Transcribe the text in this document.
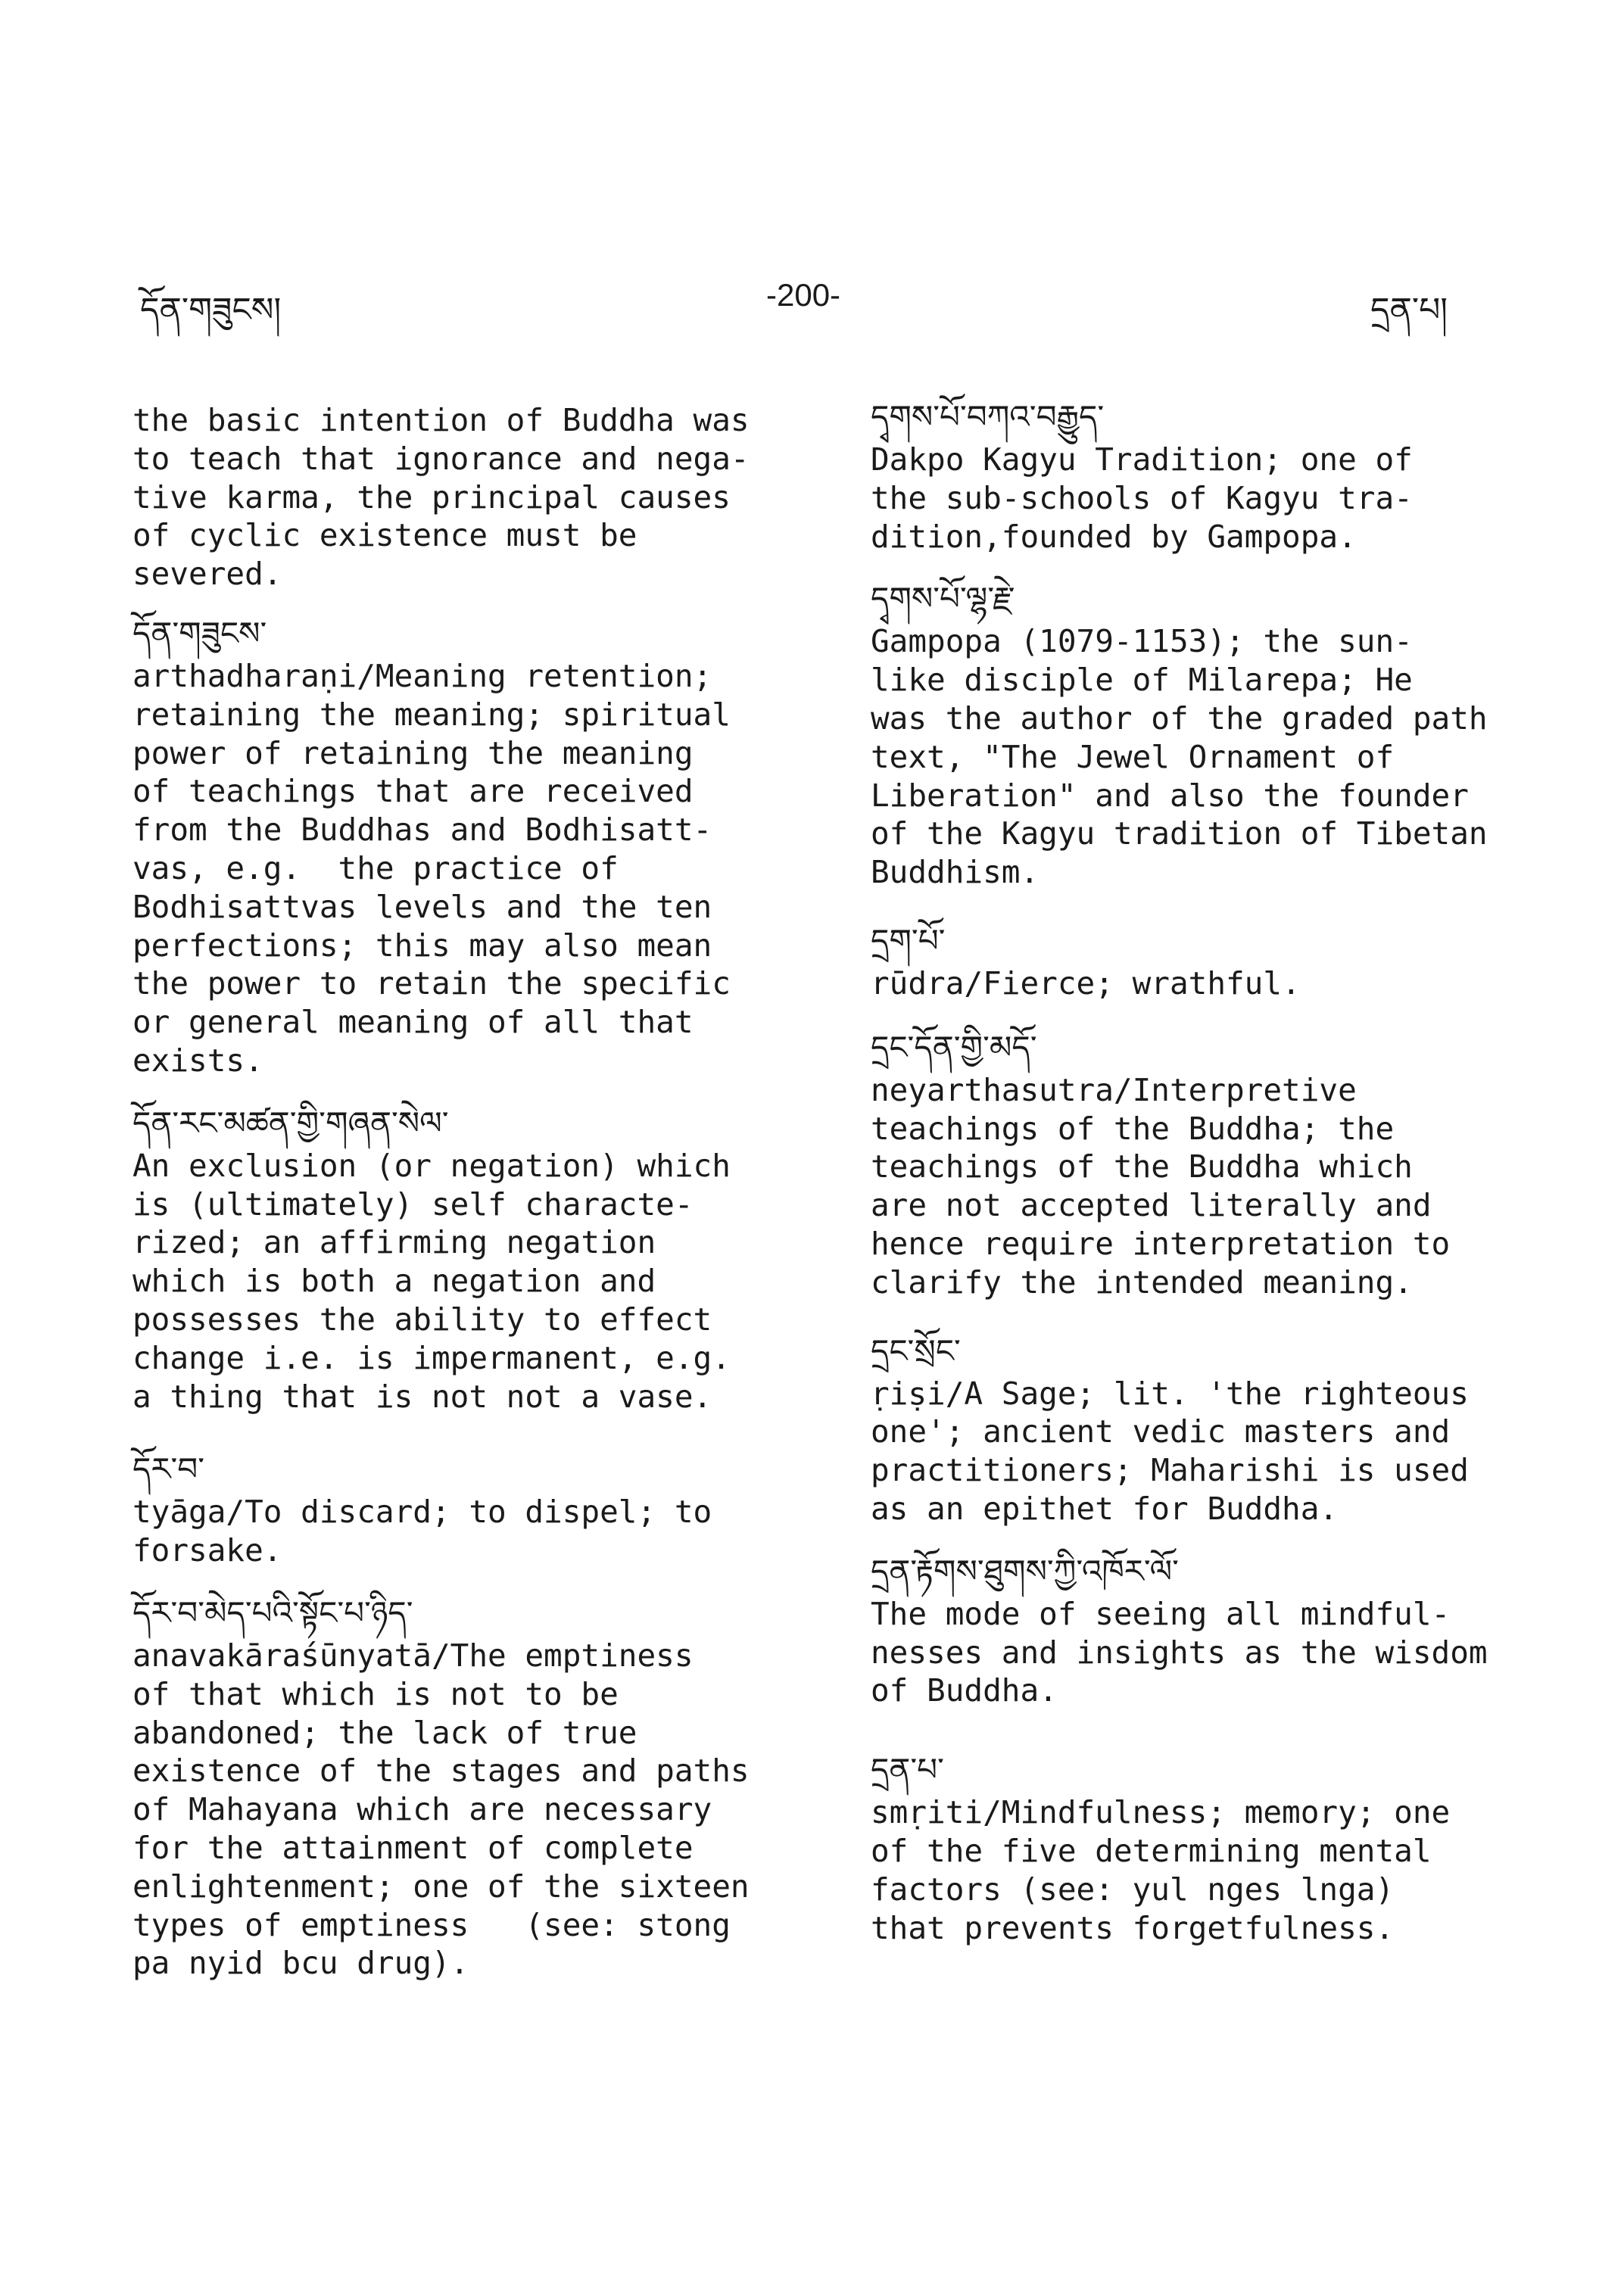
དོན་གཟུངས།	-200-	དྲན་པ།
the basic intention of Buddha was
to teach that ignorance and nega-
tive karma, the principal causes
of cyclic existence must be
severed.
དོན་གཟུངས་
arthadharaṇi/Meaning retention;
retaining the meaning; spiritual
power of retaining the meaning
of teachings that are received
from the Buddhas and Bodhisatt-
vas, e.g.  the practice of
Bodhisattvas levels and the ten
perfections; this may also mean
the power to retain the specific
or general meaning of all that
exists.
དོན་རང་མཚན་གྱི་གཞན་སེལ་
An exclusion (or negation) which
is (ultimately) self characte-
rized; an affirming negation
which is both a negation and
possesses the ability to effect
change i.e. is impermanent, e.g.
a thing that is not not a vase.
དོར་བ་
tyāga/To discard; to dispel; to
forsake.
དོར་བ་མེད་པའི་སྟོང་པ་ཉིད་
anavakāraśūnyatā/The emptiness
of that which is not to be
abandoned; the lack of true
existence of the stages and paths
of Mahayana which are necessary
for the attainment of complete
enlightenment; one of the sixteen
types of emptiness   (see: stong
pa nyid bcu drug).
དྭགས་པོ་བཀའ་བརྒྱུད་
Dakpo Kagyu Tradition; one of
the sub-schools of Kagyu tra-
dition,founded by Gampopa.
དྭགས་པོ་ལྷ་རྗེ་
Gampopa (1079-1153); the sun-
like disciple of Milarepa; He
was the author of the graded path
text, "The Jewel Ornament of
Liberation" and also the founder
of the Kagyu tradition of Tibetan
Buddhism.
དྲག་པོ་
rūdra/Fierce; wrathful.
དྲང་དོན་གྱི་མདོ་
neyarthasutra/Interpretive
teachings of the Buddha; the
teachings of the Buddha which
are not accepted literally and
hence require interpretation to
clarify the intended meaning.
དྲང་སྲོང་
ṛiṣi/A Sage; lit. 'the righteous
one'; ancient vedic masters and
practitioners; Maharishi is used
as an epithet for Buddha.
དྲན་རྟོགས་ཐུགས་ཀྱི་འཁོར་ལོ་
The mode of seeing all mindful-
nesses and insights as the wisdom
of Buddha.
དྲན་པ་
smṛiti/Mindfulness; memory; one
of the five determining mental
factors (see: yul nges lnga)
that prevents forgetfulness.
